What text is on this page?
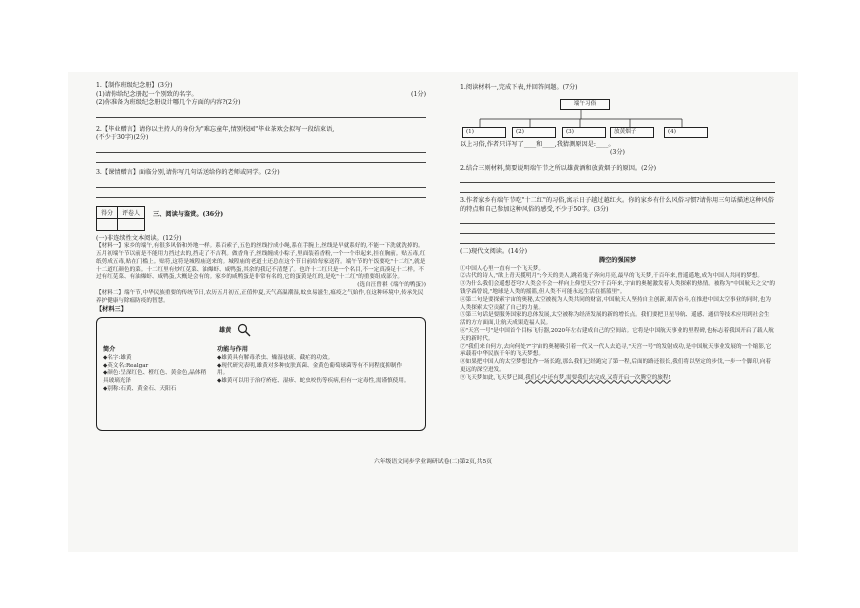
1.【制作班级纪念册】(3分)

(1)请你给纪念册起一个别致的名字。	(1分)

(2)你准备为班级纪念册设计哪几个方面的内容?(2分)

2.【毕业赠言】请你以主持人的身份为"难忘童年,情别校园"毕业茶欢会拟写一段结束语,

(不少于30字)(2分)

3.【课情赠言】面临分别,请你写几句话送给你的老师或同学。(2分)

得分	评卷人
	三、阅读与鉴赏。(36分)

(一)非连续性文本阅读。(12分)

【材料一】家乡的端午,有很多风俗和外地一样。系百索子,五色的丝线拧成小绳,系在手腕上,丝线是早就系好的,不能一下洗就洗掉的。五月初端午节以前是不能用力挡过去的,挡走了不吉利。做香角子,丝线缠成小粽子,里面装着香粉,一个一个串起来,挂在胸前。贴五毒,红纸剪成五毒,贴在门槛上。贴符,这符是城隍庙送来的。城隍庙的老道士还总在这个节日前给每家送符。端午节的午饭要吃"十二红",就是十二道红颜色的菜。十二红里有炒红苋菜、油爆虾、咸鸭蛋,其余的我记不清楚了。也许十二红只是一个名目,不一定真凑足十二样。不过有红苋菜、有油爆虾、咸鸭蛋,大概是会有的。家乡的咸鸭蛋是非常有名的,它的蛋黄是红的,是吃"十二红"的重要组成部分。

(选自汪曾祺《端午的鸭蛋》)

【材料二】端午节,中华民族重要的传统节日,农历五月初五,正值仲夏,天气高温潮湿,蚊虫易滋生,瘟疫之气始作,在这种环境中,传承先民养护健康与除瘟防疫的智慧。

【材料三】

雄黄

简介

◆名字:雄黄
◆英文名:Realgar
◆颜色:呈深红色、橙红色、黄金色,晶体稍具玻璃光泽
◆别称:石黄、黄金石、天阳石

功能与作用

◆雄黄具有解毒杀虫、燥湿祛痰、截疟的功效。
◆现代研究表明,雄黄对多种皮肤真菌、金黄色葡萄球菌等有不同程度抑制作用。
◆雄黄可以用于治疗疥疮、湿疹、蛇虫咬伤等疾病,但有一定毒性,需谨慎使用。

1.阅读材料一,完成下表,并回答问题。(7分)

端午习俗
(1)	(2)	(3)	放黄烟子	(4)

以上习俗,作者只详写了____和____,我猜测原因是:____。

(3分)

2.结合三则材料,简要说明端午节之所以雄黄酒和放黄烟子的原因。(2分)

3.作者家乡有端午节吃"十二红"的习俗,寓示日子越过越红火。你的家乡有什么风俗习惯?请你用三句话描述这种风俗的特点和自己参加这种风俗的感受,不少于50字。(3分)

(二)现代文阅读。(14分)

腾空的强国梦

①中国人心里一直有一个飞天梦。

②古代的诗人,"欲上青天揽明月";今天的美人,跳着鬼子奔向月亮,最早的飞天梦,千百年来,曾遥遥地,成为中国人共同的梦想。

③为什么我们会遥想苍穹?人类会不会一样向上仰望天空?千百年来,宇宙的奥秘激发着人类探索的热情。被称为"中国航天之父"的钱学森曾说,"地球是人类的摇篮,但人类不可能永远生活在摇篮里"。

④第二句是要探索宇宙的奥秘,太空被视为人类共同的财富,中国航天人坚持自主创新,艰苦奋斗,在推进中国太空事业的同时,也为人类探索太空贡献了自己的力量。

⑤第三句话是要服务国家的总体发展,太空被称为经济发展的新的增长点。我们要把卫星导航、遥感、通信等技术应用到社会生活的方方面面,让航天成果造福人民。

⑥"天宫一号"是中国首个目标飞行器,2020年左右建成自己的空间站。它将是中国航天事业的里程碑,也标志着我国开启了载人航天的新时代。

⑦"我们来自何方,去向何处?"宇宙的奥秘吸引着一代又一代人去追寻,"天宫一号"的发射成功,是中国航天事业发展的一个缩影,它承载着中华民族千年的飞天梦想。

⑧如果把中国人的太空梦想比作一场长跑,那么我们已经跑完了第一程,后面的路还很长,我们将以坚定的步伐,一步一个脚印,向着更远的深空进发。

⑨飞天梦如此,飞天梦已圆,我们心中还有梦,需要我们去完成,又将开启一次腾空的旅程!

六年级语文同步学业调研试卷(二)第2页,共5页
